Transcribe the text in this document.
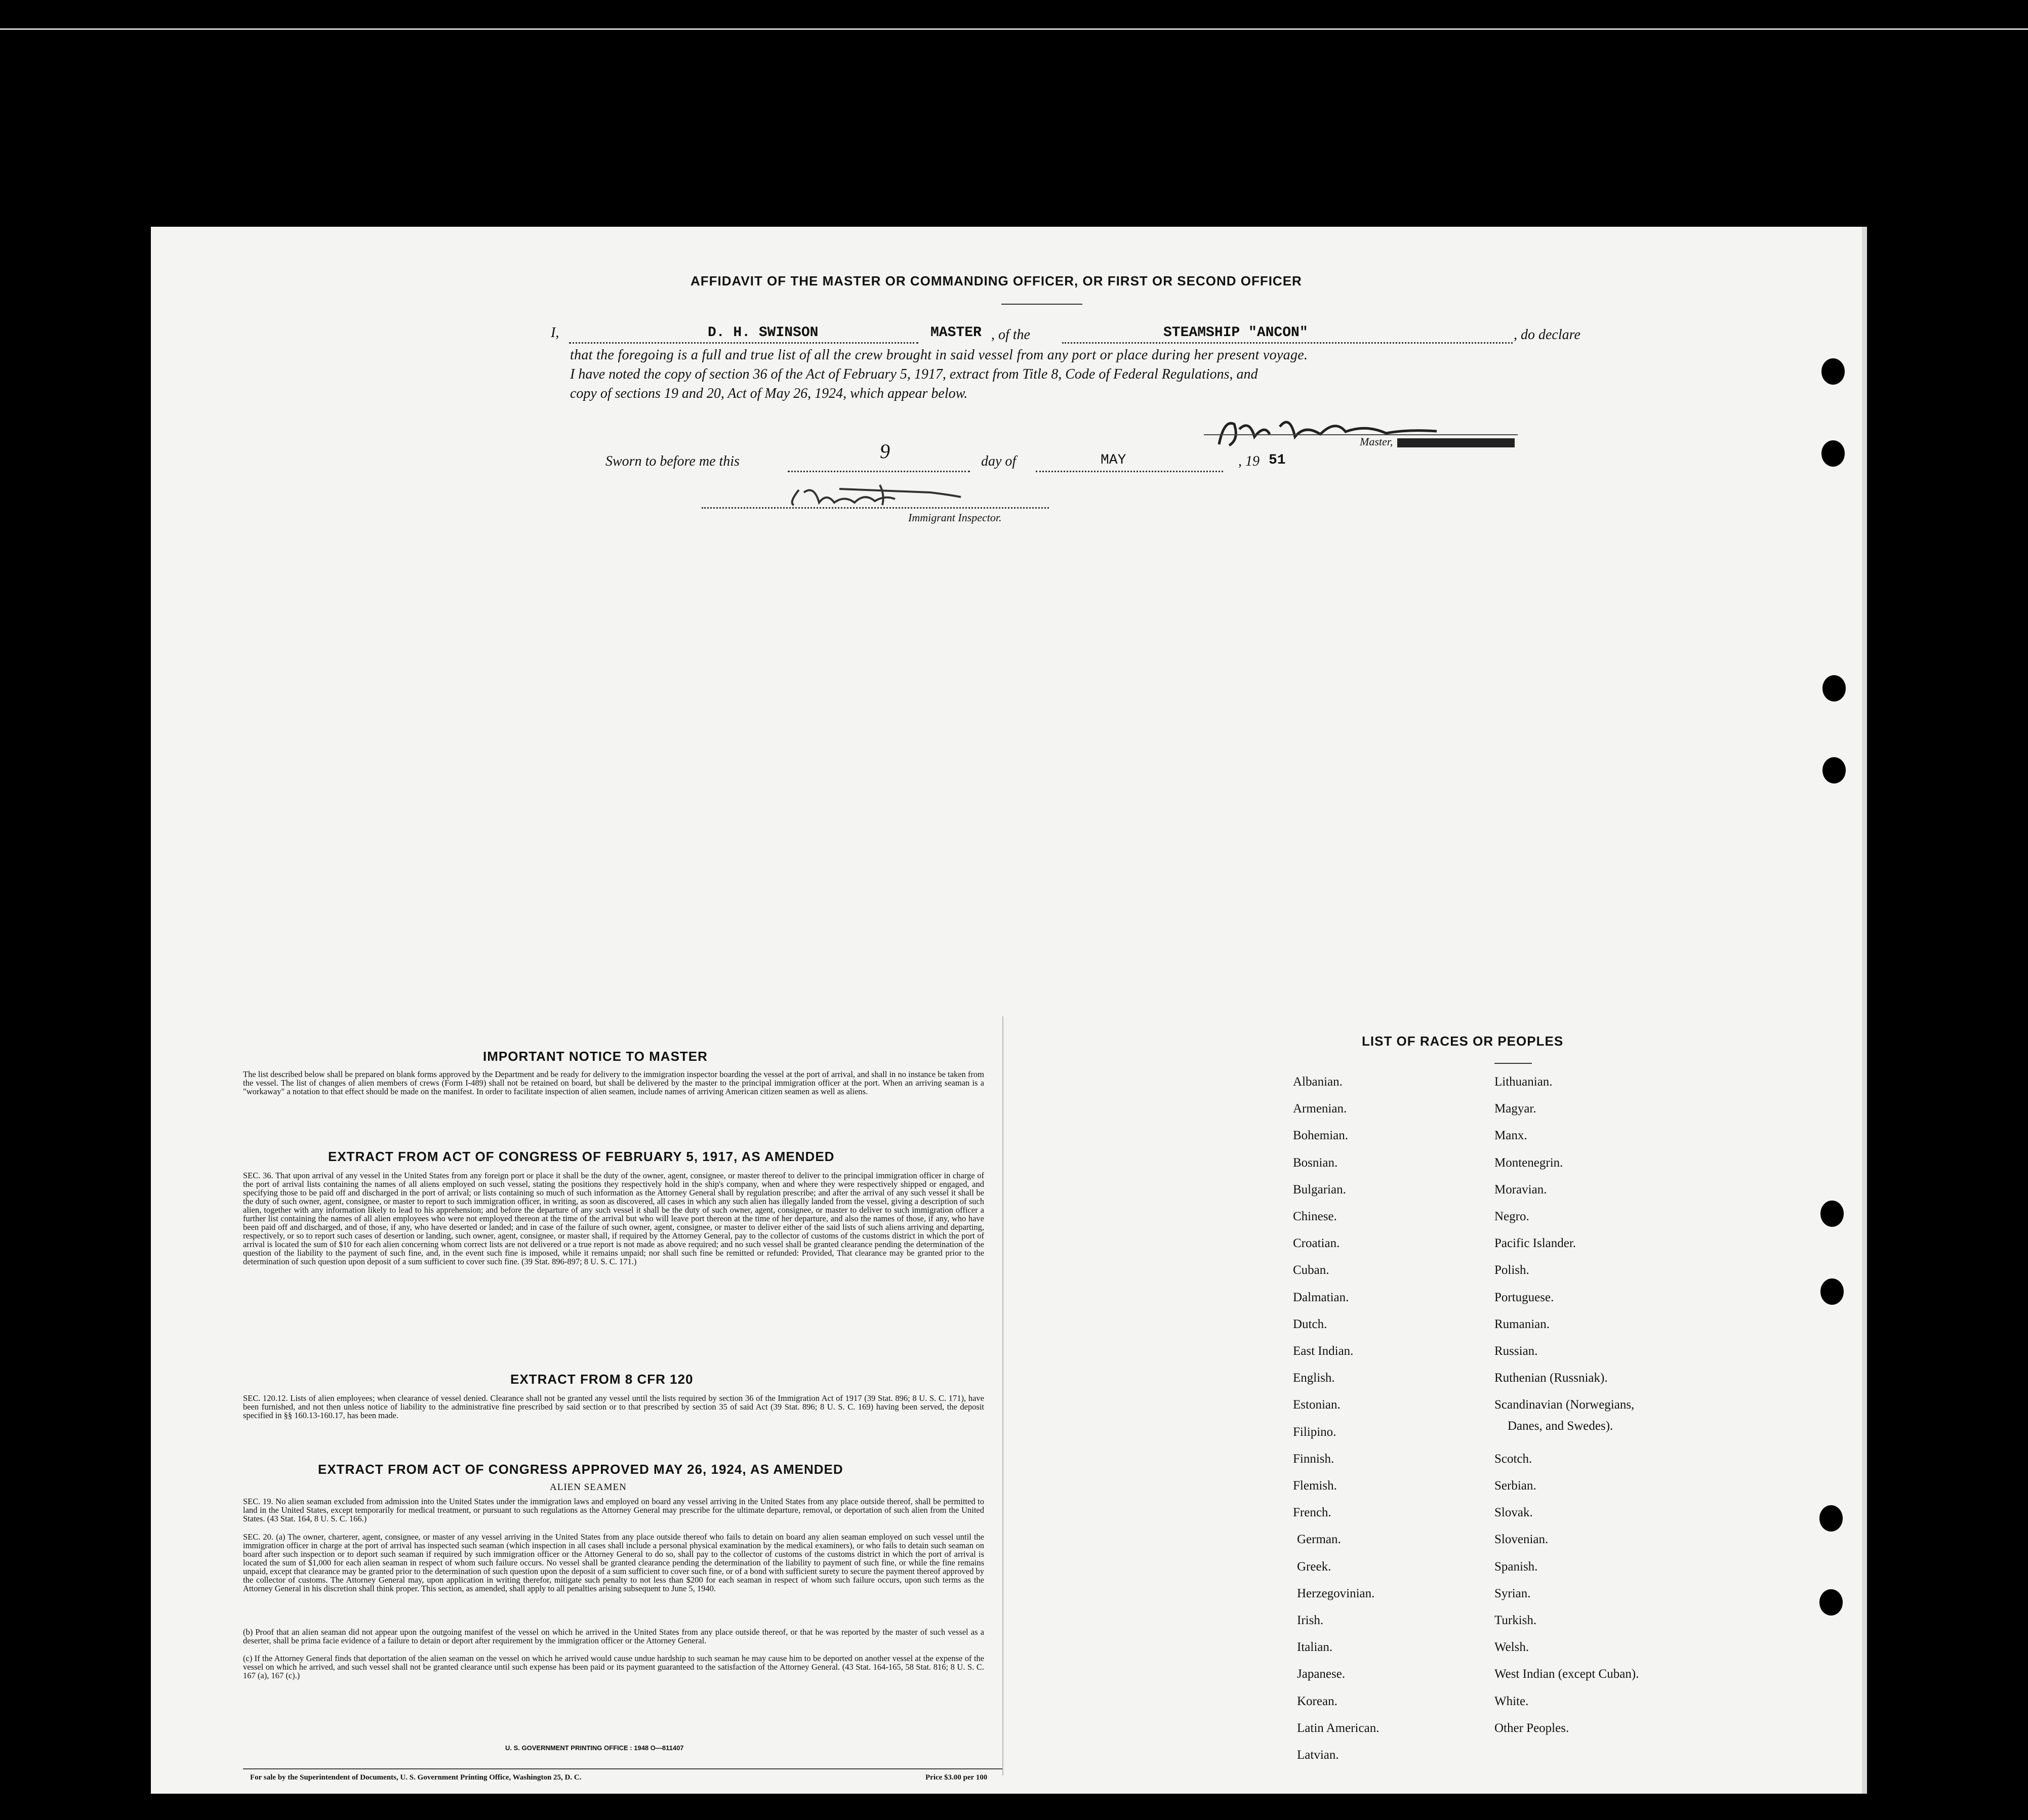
AFFIDAVIT OF THE MASTER OR COMMANDING OFFICER, OR FIRST OR SECOND OFFICER
I,	D. H. SWINSON	MASTER , of the	STEAMSHIP "ANCON"	, do declare
that the foregoing is a full and true list of all the crew brought in said vessel from any port or place during her present voyage.
I have noted the copy of section 36 of the Act of February 5, 1917, extract from Title 8, Code of Federal Regulations, and
copy of sections 19 and 20, Act of May 26, 1924, which appear below.
Master,
Sworn to before me this	9	day of	MAY	, 19 51
Immigrant Inspector.
IMPORTANT NOTICE TO MASTER
The list described below shall be prepared on blank forms approved by the Department and be ready for delivery to the immigration inspector boarding the vessel at the port of arrival, and shall in no instance be taken from the vessel. The list of changes of alien members of crews (Form I-489) shall not be retained on board, but shall be delivered by the master to the principal immigration officer at the port. When an arriving seaman is a "workaway" a notation to that effect should be made on the manifest. In order to facilitate inspection of alien seamen, include names of arriving American citizen seamen as well as aliens.
EXTRACT FROM ACT OF CONGRESS OF FEBRUARY 5, 1917, AS AMENDED
SEC. 36. That upon arrival of any vessel in the United States from any foreign port or place it shall be the duty of the owner, agent, consignee, or master thereof to deliver to the principal immigration officer in charge of the port of arrival lists containing the names of all aliens employed on such vessel, stating the positions they respectively hold in the ship's company, when and where they were respectively shipped or engaged, and specifying those to be paid off and discharged in the port of arrival; or lists containing so much of such information as the Attorney General shall by regulation prescribe; and after the arrival of any such vessel it shall be the duty of such owner, agent, consignee, or master to report to such immigration officer, in writing, as soon as discovered, all cases in which any such alien has illegally landed from the vessel, giving a description of such alien, together with any information likely to lead to his apprehension; and before the departure of any such vessel it shall be the duty of such owner, agent, consignee, or master to deliver to such immigration officer a further list containing the names of all alien employees who were not employed thereon at the time of the arrival but who will leave port thereon at the time of her departure, and also the names of those, if any, who have been paid off and discharged, and of those, if any, who have deserted or landed; and in case of the failure of such owner, agent, consignee, or master to deliver either of the said lists of such aliens arriving and departing, respectively, or so to report such cases of desertion or landing, such owner, agent, consignee, or master shall, if required by the Attorney General, pay to the collector of customs of the customs district in which the port of arrival is located the sum of $10 for each alien concerning whom correct lists are not delivered or a true report is not made as above required; and no such vessel shall be granted clearance pending the determination of the question of the liability to the payment of such fine, and, in the event such fine is imposed, while it remains unpaid; nor shall such fine be remitted or refunded: Provided, That clearance may be granted prior to the determination of such question upon deposit of a sum sufficient to cover such fine. (39 Stat. 896-897; 8 U. S. C. 171.)
EXTRACT FROM 8 CFR 120
SEC. 120.12. Lists of alien employees; when clearance of vessel denied. Clearance shall not be granted any vessel until the lists required by section 36 of the Immigration Act of 1917 (39 Stat. 896; 8 U. S. C. 171), have been furnished, and not then unless notice of liability to the administrative fine prescribed by said section or to that prescribed by section 35 of said Act (39 Stat. 896; 8 U. S. C. 169) having been served, the deposit specified in §§ 160.13-160.17, has been made.
EXTRACT FROM ACT OF CONGRESS APPROVED MAY 26, 1924, AS AMENDED
ALIEN SEAMEN
SEC. 19. No alien seaman excluded from admission into the United States under the immigration laws and employed on board any vessel arriving in the United States from any place outside thereof, shall be permitted to land in the United States, except temporarily for medical treatment, or pursuant to such regulations as the Attorney General may prescribe for the ultimate departure, removal, or deportation of such alien from the United States. (43 Stat. 164, 8 U. S. C. 166.)
SEC. 20. (a) The owner, charterer, agent, consignee, or master of any vessel arriving in the United States from any place outside thereof who fails to detain on board any alien seaman employed on such vessel until the immigration officer in charge at the port of arrival has inspected such seaman (which inspection in all cases shall include a personal physical examination by the medical examiners), or who fails to detain such seaman on board after such inspection or to deport such seaman if required by such immigration officer or the Attorney General to do so, shall pay to the collector of customs of the customs district in which the port of arrival is located the sum of $1,000 for each alien seaman in respect of whom such failure occurs. No vessel shall be granted clearance pending the determination of the liability to payment of such fine, or while the fine remains unpaid, except that clearance may be granted prior to the determination of such question upon the deposit of a sum sufficient to cover such fine, or of a bond with sufficient surety to secure the payment thereof approved by the collector of customs. The Attorney General may, upon application in writing therefor, mitigate such penalty to not less than $200 for each seaman in respect of whom such failure occurs, upon such terms as the Attorney General in his discretion shall think proper. This section, as amended, shall apply to all penalties arising subsequent to June 5, 1940.
(b) Proof that an alien seaman did not appear upon the outgoing manifest of the vessel on which he arrived in the United States from any place outside thereof, or that he was reported by the master of such vessel as a deserter, shall be prima facie evidence of a failure to detain or deport after requirement by the immigration officer or the Attorney General.
(c) If the Attorney General finds that deportation of the alien seaman on the vessel on which he arrived would cause undue hardship to such seaman he may cause him to be deported on another vessel at the expense of the vessel on which he arrived, and such vessel shall not be granted clearance until such expense has been paid or its payment guaranteed to the satisfaction of the Attorney General. (43 Stat. 164-165, 58 Stat. 816; 8 U. S. C. 167 (a), 167 (c).)
U. S. GOVERNMENT PRINTING OFFICE : 1948 O—811407
For sale by the Superintendent of Documents, U. S. Government Printing Office, Washington 25, D. C.	Price $3.00 per 100
LIST OF RACES OR PEOPLES
Danes, and Swedes).
Albanian.
Armenian.
Bohemian.
Bosnian.
Bulgarian.
Chinese.
Croatian.
Cuban.
Dalmatian.
Dutch.
East Indian.
English.
Estonian.
Filipino.
Finnish.
Flemish.
French.
German.
Greek.
Herzegovinian.
Irish.
Italian.
Japanese.
Korean.
Latin American.
Latvian.
Lithuanian.
Magyar.
Manx.
Montenegrin.
Moravian.
Negro.
Pacific Islander.
Polish.
Portuguese.
Rumanian.
Russian.
Ruthenian (Russniak).
Scandinavian (Norwegians,
Scotch.
Serbian.
Slovak.
Slovenian.
Spanish.
Syrian.
Turkish.
Welsh.
West Indian (except Cuban).
White.
Other Peoples.
